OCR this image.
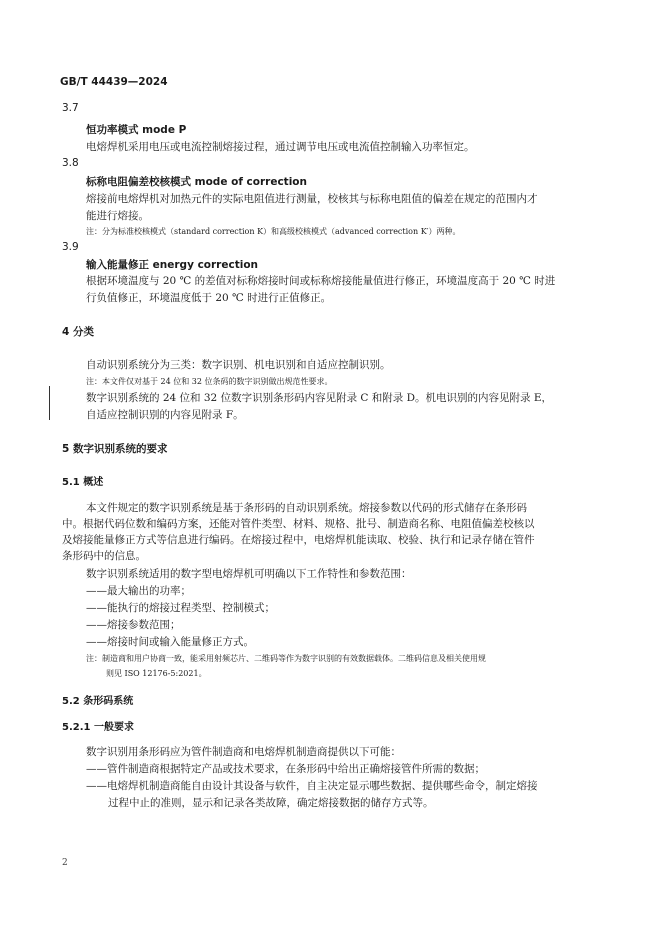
GB/T 44439—2024
3.7
恒功率模式 mode P
电熔焊机采用电压或电流控制熔接过程，通过调节电压或电流值控制输入功率恒定。
3.8
标称电阻偏差校核模式 mode of correction
熔接前电熔焊机对加热元件的实际电阻值进行测量，校核其与标称电阻值的偏差在规定的范围内才
能进行熔接。
注：分为标准校核模式（standard correction K）和高级校核模式（advanced correction K′）两种。
3.9
输入能量修正 energy correction
根据环境温度与 20 ℃ 的差值对标称熔接时间或标称熔接能量值进行修正，环境温度高于 20 ℃ 时进
行负值修正，环境温度低于 20 ℃ 时进行正值修正。
4 分类
自动识别系统分为三类：数字识别、机电识别和自适应控制识别。
注：本文件仅对基于 24 位和 32 位条码的数字识别做出规范性要求。
数字识别系统的 24 位和 32 位数字识别条形码内容见附录 C 和附录 D。机电识别的内容见附录 E，
自适应控制识别的内容见附录 F。
5 数字识别系统的要求
5.1 概述
本文件规定的数字识别系统是基于条形码的自动识别系统。熔接参数以代码的形式储存在条形码
中。根据代码位数和编码方案，还能对管件类型、材料、规格、批号、制造商名称、电阻值偏差校核以
及熔接能量修正方式等信息进行编码。在熔接过程中，电熔焊机能读取、校验、执行和记录存储在管件
条形码中的信息。
数字识别系统适用的数字型电熔焊机可明确以下工作特性和参数范围：
——最大输出的功率；
——能执行的熔接过程类型、控制模式；
——熔接参数范围；
——熔接时间或输入能量修正方式。
注：制造商和用户协商一致，能采用射频芯片、二维码等作为数字识别的有效数据载体。二维码信息及相关使用规
则见 ISO 12176-5:2021。
5.2 条形码系统
5.2.1 一般要求
数字识别用条形码应为管件制造商和电熔焊机制造商提供以下可能：
——管件制造商根据特定产品或技术要求，在条形码中给出正确熔接管件所需的数据；
——电熔焊机制造商能自由设计其设备与软件，自主决定显示哪些数据、提供哪些命令，制定熔接
过程中止的准则，显示和记录各类故障，确定熔接数据的储存方式等。
2
